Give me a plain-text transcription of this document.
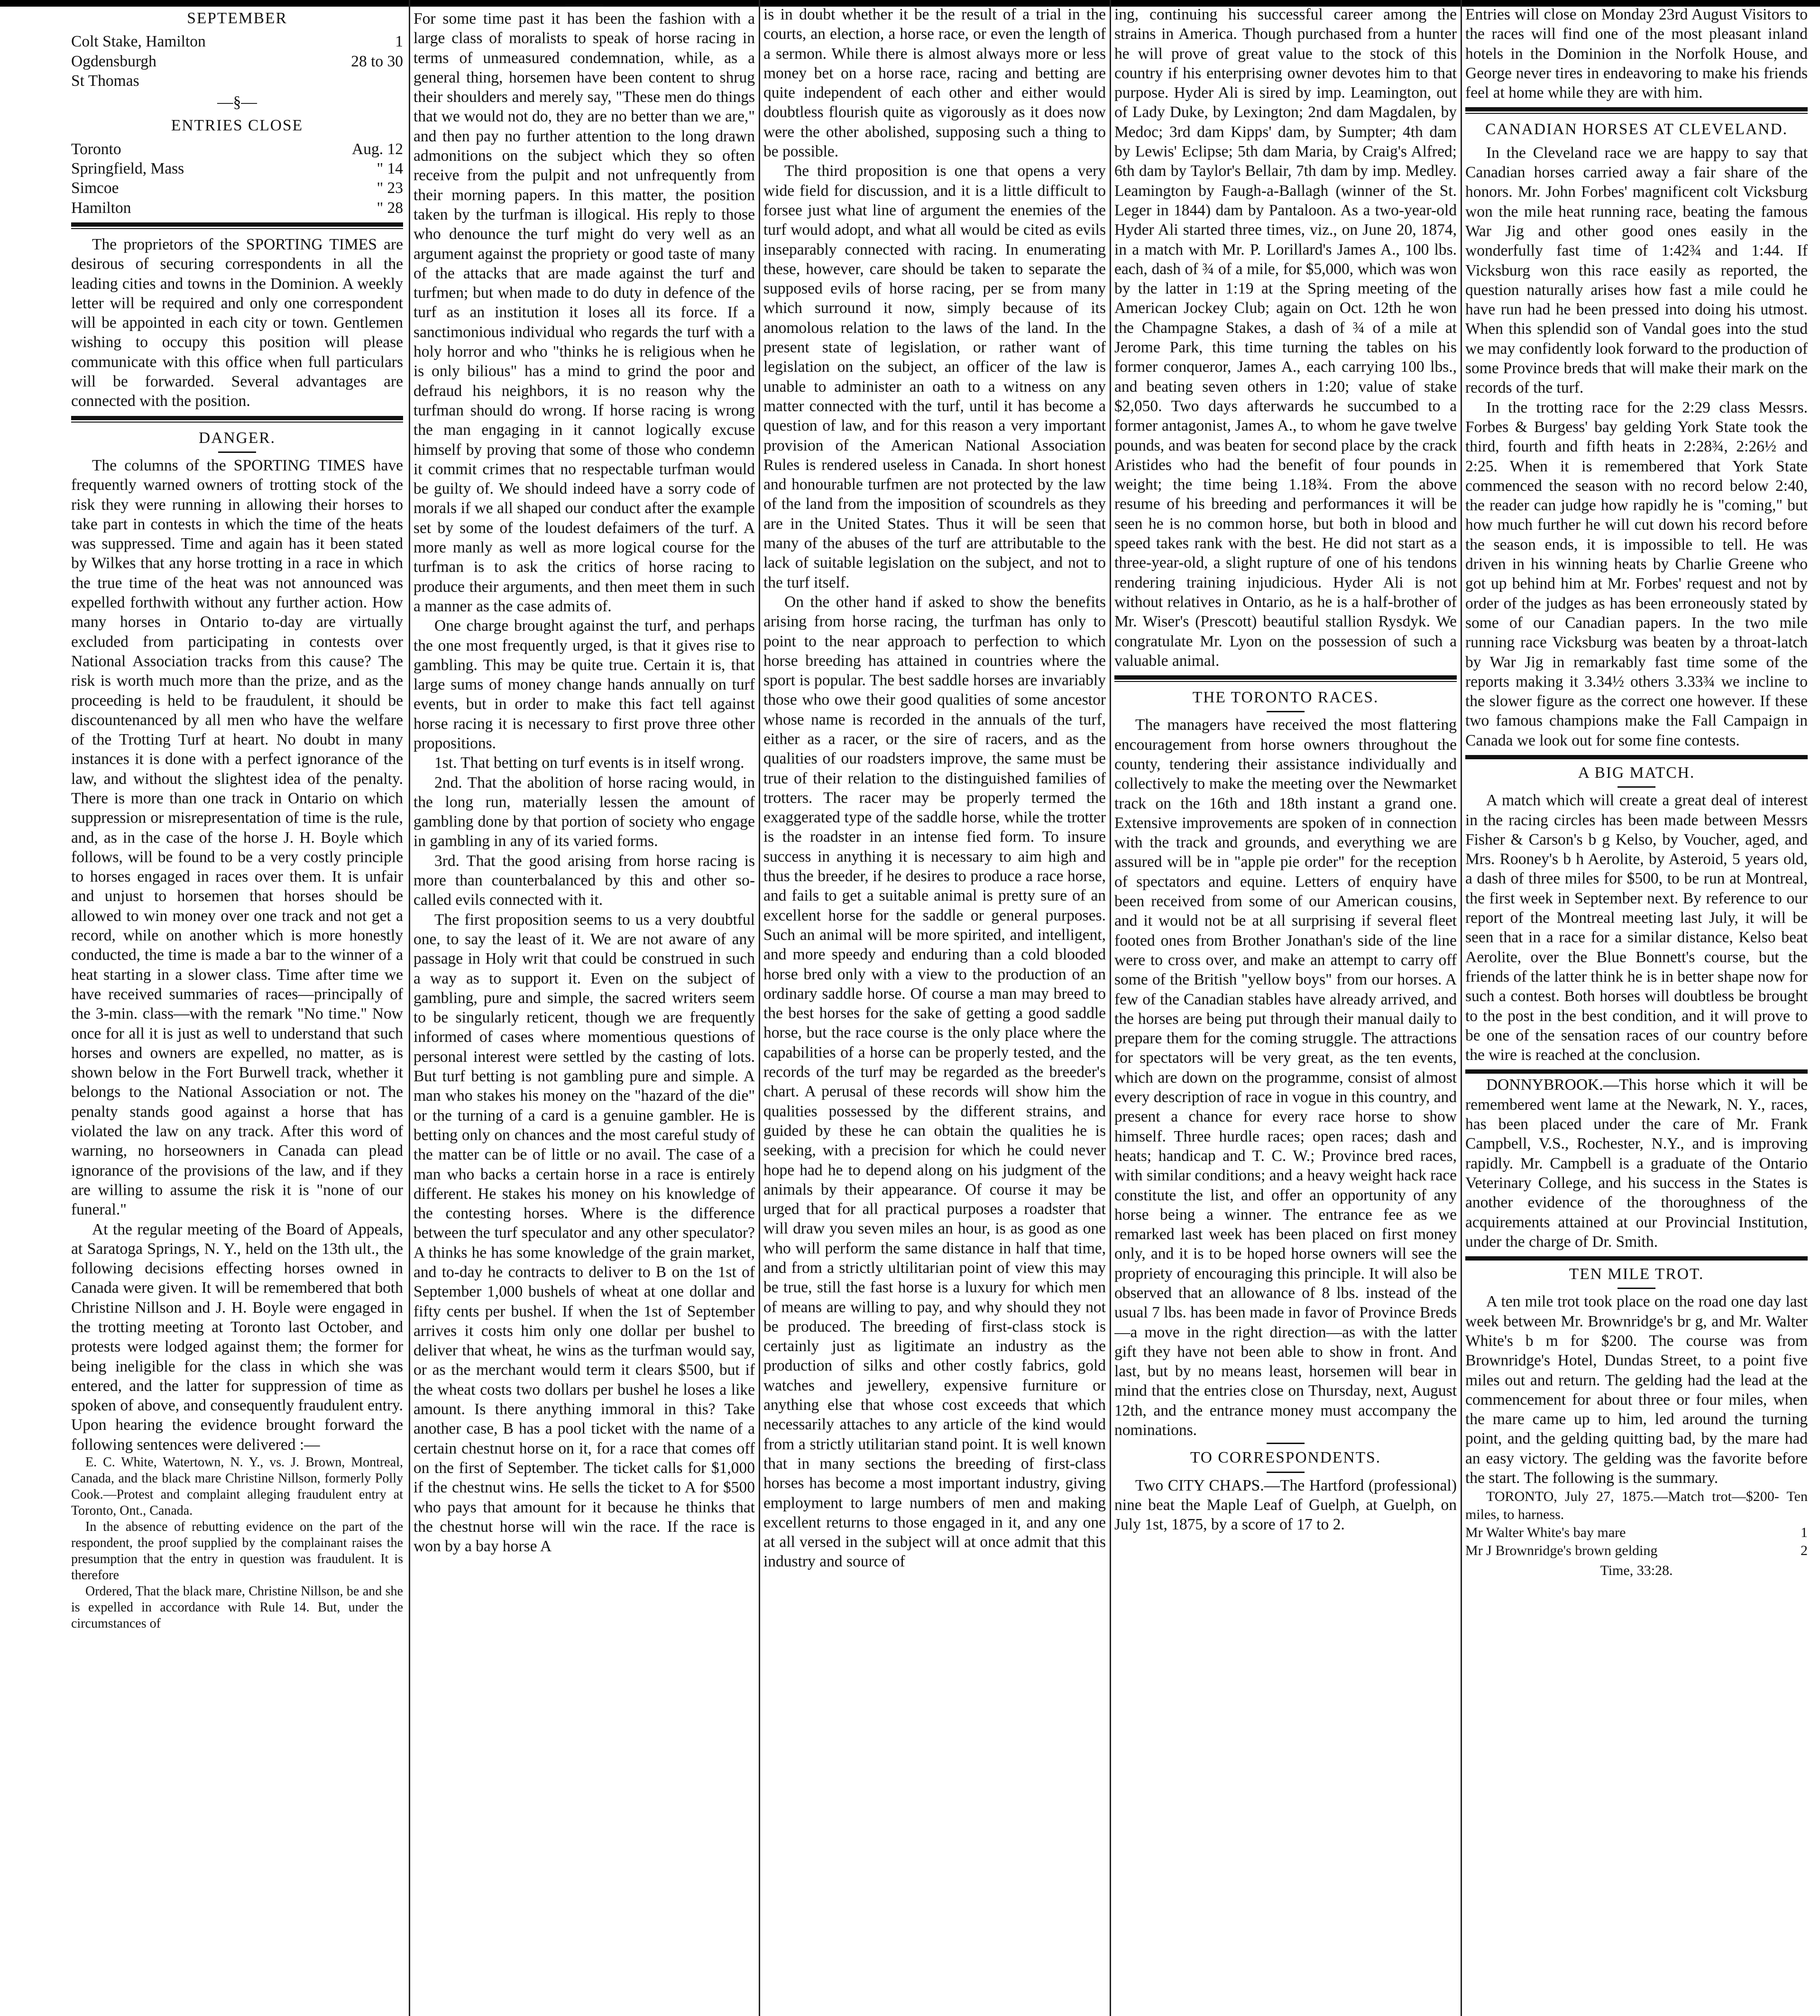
SEPTEMBER
Colt Stake, Hamilton	1
Ogdensburgh	28 to 30
St Thomas
—§—
ENTRIES CLOSE
Toronto	Aug. 12
Springfield, Mass	" 14
Simcoe	" 23
Hamilton	" 28

The proprietors of the SPORTING TIMES are desirous of securing correspondents in all the leading cities and towns in the Dominion. A weekly letter will be required and only one correspondent will be appointed in each city or town. Gentlemen wishing to occupy this position will please communicate with this office when full particulars will be forwarded. Several advantages are connected with the position.

DANGER.

The columns of the SPORTING TIMES have frequently warned owners of trotting stock of the risk they were running in allowing their horses to take part in contests in which the time of the heats was suppressed. Time and again has it been stated by Wilkes that any horse trotting in a race in which the true time of the heat was not announced was expelled forthwith without any further action. How many horses in Ontario to-day are virtually excluded from participating in contests over National Association tracks from this cause? The risk is worth much more than the prize, and as the proceeding is held to be fraudulent, it should be discountenanced by all men who have the welfare of the Trotting Turf at heart. No doubt in many instances it is done with a perfect ignorance of the law, and without the slightest idea of the penalty. There is more than one track in Ontario on which suppression or misrepresentation of time is the rule, and, as in the case of the horse J. H. Boyle which follows, will be found to be a very costly principle to horses engaged in races over them. It is unfair and unjust to horsemen that horses should be allowed to win money over one track and not get a record, while on another which is more honestly conducted, the time is made a bar to the winner of a heat starting in a slower class. Time after time we have received summaries of races—principally of the 3-min. class—with the remark "No time." Now once for all it is just as well to understand that such horses and owners are expelled, no matter, as is shown below in the Fort Burwell track, whether it belongs to the National Association or not. The penalty stands good against a horse that has violated the law on any track. After this word of warning, no horseowners in Canada can plead ignorance of the provisions of the law, and if they are willing to assume the risk it is "none of our funeral."

At the regular meeting of the Board of Appeals, at Saratoga Springs, N. Y., held on the 13th ult., the following decisions effecting horses owned in Canada were given. It will be remembered that both Christine Nillson and J. H. Boyle were engaged in the trotting meeting at Toronto last October, and protests were lodged against them; the former for being ineligible for the class in which she was entered, and the latter for suppression of time as spoken of above, and consequently fraudulent entry. Upon hearing the evidence brought forward the following sentences were delivered :—

E. C. White, Watertown, N. Y., vs. J. Brown, Montreal, Canada, and the black mare Christine Nillson, formerly Polly Cook.—Protest and complaint alleging fraudulent entry at Toronto, Ont., Canada.

In the absence of rebutting evidence on the part of the respondent, the proof supplied by the complainant raises the presumption that the entry in question was fraudulent. It is therefore

Ordered, That the black mare, Christine Nillson, be and she is expelled in accordance with Rule 14. But, under the circumstances of

For some time past it has been the fashion with a large class of moralists to speak of horse racing in terms of unmeasured condemnation, while, as a general thing, horsemen have been content to shrug their shoulders and merely say, "These men do things that we would not do, they are no better than we are," and then pay no further attention to the long drawn admonitions on the subject which they so often receive from the pulpit and not unfrequently from their morning papers. In this matter, the position taken by the turfman is illogical. His reply to those who denounce the turf might do very well as an argument against the propriety or good taste of many of the attacks that are made against the turf and turfmen; but when made to do duty in defence of the turf as an institution it loses all its force. If a sanctimonious individual who regards the turf with a holy horror and who "thinks he is religious when he is only bilious" has a mind to grind the poor and defraud his neighbors, it is no reason why the turfman should do wrong. If horse racing is wrong the man engaging in it cannot logically excuse himself by proving that some of those who condemn it commit crimes that no respectable turfman would be guilty of. We should indeed have a sorry code of morals if we all shaped our conduct after the example set by some of the loudest defaimers of the turf. A more manly as well as more logical course for the turfman is to ask the critics of horse racing to produce their arguments, and then meet them in such a manner as the case admits of.

One charge brought against the turf, and perhaps the one most frequently urged, is that it gives rise to gambling. This may be quite true. Certain it is, that large sums of money change hands annually on turf events, but in order to make this fact tell against horse racing it is necessary to first prove three other propositions.

1st. That betting on turf events is in itself wrong.

2nd. That the abolition of horse racing would, in the long run, materially lessen the amount of gambling done by that portion of society who engage in gambling in any of its varied forms.

3rd. That the good arising from horse racing is more than counterbalanced by this and other so-called evils connected with it.

The first proposition seems to us a very doubtful one, to say the least of it. We are not aware of any passage in Holy writ that could be construed in such a way as to support it. Even on the subject of gambling, pure and simple, the sacred writers seem to be singularly reticent, though we are frequently informed of cases where momentious questions of personal interest were settled by the casting of lots. But turf betting is not gambling pure and simple. A man who stakes his money on the "hazard of the die" or the turning of a card is a genuine gambler. He is betting only on chances and the most careful study of the matter can be of little or no avail. The case of a man who backs a certain horse in a race is entirely different. He stakes his money on his knowledge of the contesting horses. Where is the difference between the turf speculator and any other speculator? A thinks he has some knowledge of the grain market, and to-day he contracts to deliver to B on the 1st of September 1,000 bushels of wheat at one dollar and fifty cents per bushel. If when the 1st of September arrives it costs him only one dollar per bushel to deliver that wheat, he wins as the turfman would say, or as the merchant would term it clears $500, but if the wheat costs two dollars per bushel he loses a like amount. Is there anything immoral in this? Take another case, B has a pool ticket with the name of a certain chestnut horse on it, for a race that comes off on the first of September. The ticket calls for $1,000 if the chestnut wins. He sells the ticket to A for $500 who pays that amount for it because he thinks that the chestnut horse will win the race. If the race is won by a bay horse A

is in doubt whether it be the result of a trial in the courts, an election, a horse race, or even the length of a sermon. While there is almost always more or less money bet on a horse race, racing and betting are quite independent of each other and either would doubtless flourish quite as vigorously as it does now were the other abolished, supposing such a thing to be possible.

The third proposition is one that opens a very wide field for discussion, and it is a little difficult to forsee just what line of argument the enemies of the turf would adopt, and what all would be cited as evils inseparably connected with racing. In enumerating these, however, care should be taken to separate the supposed evils of horse racing, per se from many which surround it now, simply because of its anomolous relation to the laws of the land. In the present state of legislation, or rather want of legislation on the subject, an officer of the law is unable to administer an oath to a witness on any matter connected with the turf, until it has become a question of law, and for this reason a very important provision of the American National Association Rules is rendered useless in Canada. In short honest and honourable turfmen are not protected by the law of the land from the imposition of scoundrels as they are in the United States. Thus it will be seen that many of the abuses of the turf are attributable to the lack of suitable legislation on the subject, and not to the turf itself.

On the other hand if asked to show the benefits arising from horse racing, the turfman has only to point to the near approach to perfection to which horse breeding has attained in countries where the sport is popular. The best saddle horses are invariably those who owe their good qualities of some ancestor whose name is recorded in the annuals of the turf, either as a racer, or the sire of racers, and as the qualities of our roadsters improve, the same must be true of their relation to the distinguished families of trotters. The racer may be properly termed the exaggerated type of the saddle horse, while the trotter is the roadster in an intense fied form. To insure success in anything it is necessary to aim high and thus the breeder, if he desires to produce a race horse, and fails to get a suitable animal is pretty sure of an excellent horse for the saddle or general purposes. Such an animal will be more spirited, and intelligent, and more speedy and enduring than a cold blooded horse bred only with a view to the production of an ordinary saddle horse. Of course a man may breed to the best horses for the sake of getting a good saddle horse, but the race course is the only place where the capabilities of a horse can be properly tested, and the records of the turf may be regarded as the breeder's chart. A perusal of these records will show him the qualities possessed by the different strains, and guided by these he can obtain the qualities he is seeking, with a precision for which he could never hope had he to depend along on his judgment of the animals by their appearance. Of course it may be urged that for all practical purposes a roadster that will draw you seven miles an hour, is as good as one who will perform the same distance in half that time, and from a strictly ultilitarian point of view this may be true, still the fast horse is a luxury for which men of means are willing to pay, and why should they not be produced. The breeding of first-class stock is certainly just as ligitimate an industry as the production of silks and other costly fabrics, gold watches and jewellery, expensive furniture or anything else that whose cost exceeds that which necessarily attaches to any article of the kind would from a strictly utilitarian stand point. It is well known that in many sections the breeding of first-class horses has become a most important industry, giving employment to large numbers of men and making excellent returns to those engaged in it, and any one at all versed in the subject will at once admit that this industry and source of

ing, continuing his successful career among the strains in America. Though purchased from a hunter he will prove of great value to the stock of this country if his enterprising owner devotes him to that purpose. Hyder Ali is sired by imp. Leamington, out of Lady Duke, by Lexington; 2nd dam Magdalen, by Medoc; 3rd dam Kipps' dam, by Sumpter; 4th dam by Lewis' Eclipse; 5th dam Maria, by Craig's Alfred; 6th dam by Taylor's Bellair, 7th dam by imp. Medley. Leamington by Faugh-a-Ballagh (winner of the St. Leger in 1844) dam by Pantaloon. As a two-year-old Hyder Ali started three times, viz., on June 20, 1874, in a match with Mr. P. Lorillard's James A., 100 lbs. each, dash of ¾ of a mile, for $5,000, which was won by the latter in 1:19 at the Spring meeting of the American Jockey Club; again on Oct. 12th he won the Champagne Stakes, a dash of ¾ of a mile at Jerome Park, this time turning the tables on his former conqueror, James A., each carrying 100 lbs., and beating seven others in 1:20; value of stake $2,050. Two days afterwards he succumbed to a former antagonist, James A., to whom he gave twelve pounds, and was beaten for second place by the crack Aristides who had the benefit of four pounds in weight; the time being 1.18¾. From the above resume of his breeding and performances it will be seen he is no common horse, but both in blood and speed takes rank with the best. He did not start as a three-year-old, a slight rupture of one of his tendons rendering training injudicious. Hyder Ali is not without relatives in Ontario, as he is a half-brother of Mr. Wiser's (Prescott) beautiful stallion Rysdyk. We congratulate Mr. Lyon on the possession of such a valuable animal.

THE TORONTO RACES.

The managers have received the most flattering encouragement from horse owners throughout the county, tendering their assistance individually and collectively to make the meeting over the Newmarket track on the 16th and 18th instant a grand one. Extensive improvements are spoken of in connection with the track and grounds, and everything we are assured will be in "apple pie order" for the reception of spectators and equine. Letters of enquiry have been received from some of our American cousins, and it would not be at all surprising if several fleet footed ones from Brother Jonathan's side of the line were to cross over, and make an attempt to carry off some of the British "yellow boys" from our horses. A few of the Canadian stables have already arrived, and the horses are being put through their manual daily to prepare them for the coming struggle. The attractions for spectators will be very great, as the ten events, which are down on the programme, consist of almost every description of race in vogue in this country, and present a chance for every race horse to show himself. Three hurdle races; open races; dash and heats; handicap and T. C. W.; Province bred races, with similar conditions; and a heavy weight hack race constitute the list, and offer an opportunity of any horse being a winner. The entrance fee as we remarked last week has been placed on first money only, and it is to be hoped horse owners will see the propriety of encouraging this principle. It will also be observed that an allowance of 8 lbs. instead of the usual 7 lbs. has been made in favor of Province Breds—a move in the right direction—as with the latter gift they have not been able to show in front. And last, but by no means least, horsemen will bear in mind that the entries close on Thursday, next, August 12th, and the entrance money must accompany the nominations.

TO CORRESPONDENTS.

Two CITY CHAPS.—The Hartford (professional) nine beat the Maple Leaf of Guelph, at Guelph, on July 1st, 1875, by a score of 17 to 2.

Entries will close on Monday 23rd August Visitors to the races will find one of the most pleasant inland hotels in the Dominion in the Norfolk House, and George never tires in endeavoring to make his friends feel at home while they are with him.

CANADIAN HORSES AT CLEVELAND.

In the Cleveland race we are happy to say that Canadian horses carried away a fair share of the honors. Mr. John Forbes' magnificent colt Vicksburg won the mile heat running race, beating the famous War Jig and other good ones easily in the wonderfully fast time of 1:42¾ and 1:44. If Vicksburg won this race easily as reported, the question naturally arises how fast a mile could he have run had he been pressed into doing his utmost. When this splendid son of Vandal goes into the stud we may confidently look forward to the production of some Province breds that will make their mark on the records of the turf.

In the trotting race for the 2:29 class Messrs. Forbes & Burgess' bay gelding York State took the third, fourth and fifth heats in 2:28¾, 2:26½ and 2:25. When it is remembered that York State commenced the season with no record below 2:40, the reader can judge how rapidly he is "coming," but how much further he will cut down his record before the season ends, it is impossible to tell. He was driven in his winning heats by Charlie Greene who got up behind him at Mr. Forbes' request and not by order of the judges as has been erroneously stated by some of our Canadian papers. In the two mile running race Vicksburg was beaten by a throat-latch by War Jig in remarkably fast time some of the reports making it 3.34½ others 3.33¾ we incline to the slower figure as the correct one however. If these two famous champions make the Fall Campaign in Canada we look out for some fine contests.

A BIG MATCH.

A match which will create a great deal of interest in the racing circles has been made between Messrs Fisher & Carson's b g Kelso, by Voucher, aged, and Mrs. Rooney's b h Aerolite, by Asteroid, 5 years old, a dash of three miles for $500, to be run at Montreal, the first week in September next. By reference to our report of the Montreal meeting last July, it will be seen that in a race for a similar distance, Kelso beat Aerolite, over the Blue Bonnett's course, but the friends of the latter think he is in better shape now for such a contest. Both horses will doubtless be brought to the post in the best condition, and it will prove to be one of the sensation races of our country before the wire is reached at the conclusion.

DONNYBROOK.—This horse which it will be remembered went lame at the Newark, N. Y., races, has been placed under the care of Mr. Frank Campbell, V.S., Rochester, N.Y., and is improving rapidly. Mr. Campbell is a graduate of the Ontario Veterinary College, and his success in the States is another evidence of the thoroughness of the acquirements attained at our Provincial Institution, under the charge of Dr. Smith.

TEN MILE TROT.

A ten mile trot took place on the road one day last week between Mr. Brownridge's br g, and Mr. Walter White's b m for $200. The course was from Brownridge's Hotel, Dundas Street, to a point five miles out and return. The gelding had the lead at the commencement for about three or four miles, when the mare came up to him, led around the turning point, and the gelding quitting bad, by the mare had an easy victory. The gelding was the favorite before the start. The following is the summary.

TORONTO, July 27, 1875.—Match trot—$200- Ten miles, to harness.

Mr Walter White's bay mare	1
Mr J Brownridge's brown gelding	2
Time, 33:28.
